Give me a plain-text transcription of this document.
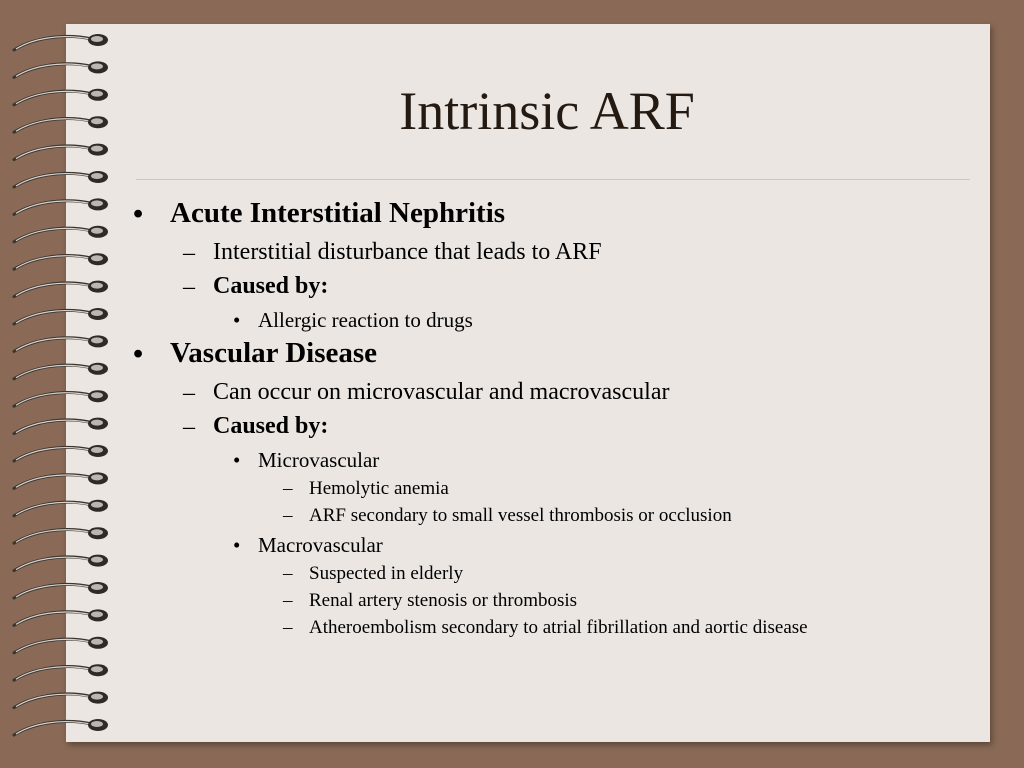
Intrinsic ARF
• Acute Interstitial Nephritis
– Interstitial disturbance that leads to ARF
– Caused by:
• Allergic reaction to drugs
• Vascular Disease
– Can occur on microvascular and macrovascular
– Caused by:
• Microvascular
– Hemolytic anemia
– ARF secondary to small vessel thrombosis or occlusion
• Macrovascular
– Suspected in elderly
– Renal artery stenosis or thrombosis
– Atheroembolism secondary to atrial fibrillation and aortic disease
